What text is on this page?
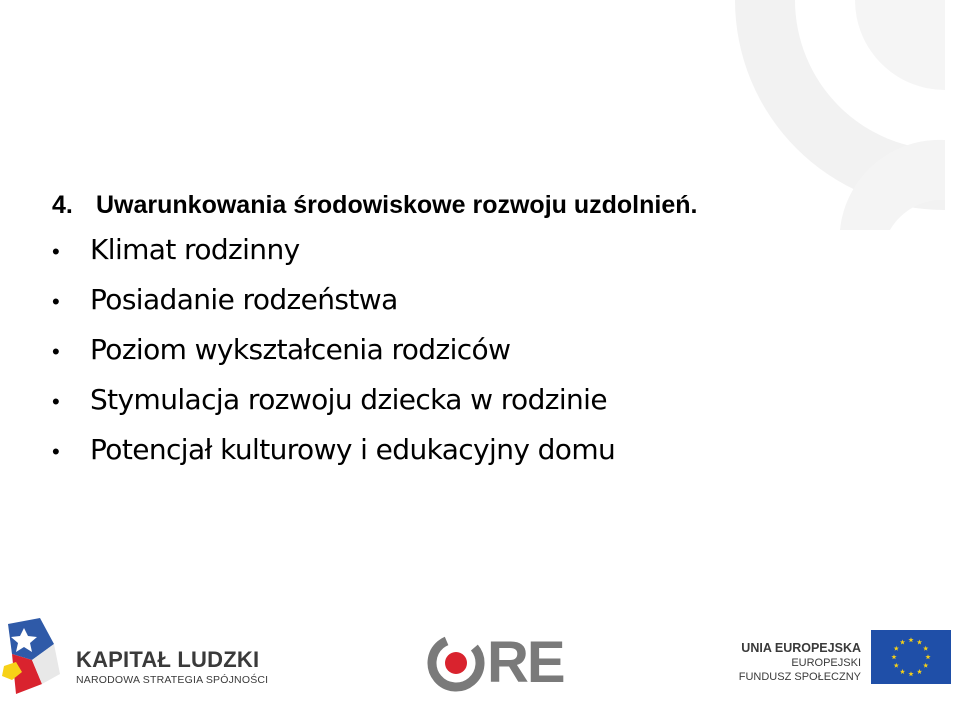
4. Uwarunkowania środowiskowe rozwoju uzdolnień.
•	Klimat rodzinny
•	Posiadanie rodzeństwa
•	Poziom wykształcenia rodziców
•	Stymulacja rozwoju dziecka w rodzinie
•	Potencjał kulturowy i edukacyjny domu
KAPITAŁ LUDZKI
NARODOWA STRATEGIA SPÓJNOŚCI	RE	UNIA EUROPEJSKA
EUROPEJSKI
FUNDUSZ SPOŁECZNY
